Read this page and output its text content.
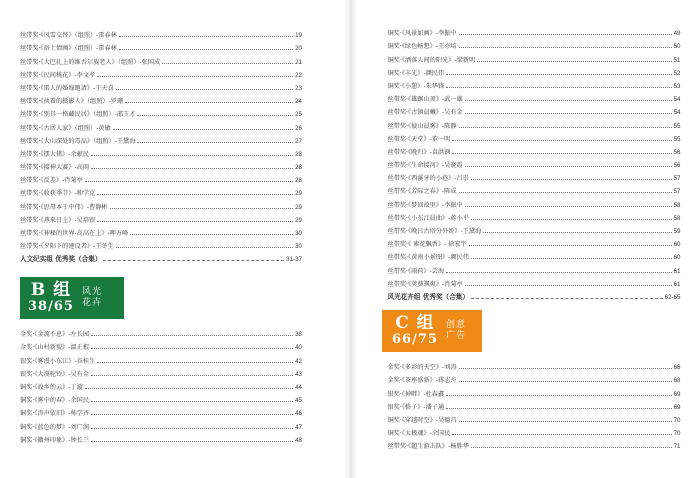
丝带奖·《风雪交替》（组照）-雷春林	19
丝带奖·《珞土情画》（组照）-雷春林	20
丝带奖·《大巴扎上的维吾尔族老人》（组照）-张国成	21
丝带奖·《民间桃花》-李文孝	22
丝带奖·《雷人的婚嫁邀请》-王天喜	23
丝带奖·《执着的摄影人》（组照）-罗珊	24
丝带奖·《别具一格藏民居》（组照）-邵玉才	25
丝带奖·《古居人家》（组照）-黄敏	26
丝带奖·《大山深处的毒品》（组照）-王黛海	27
丝带奖·《摆大猪》-余献民	28
丝带奖·《接神大赛》-高雨	28
丝带奖·《反差》-肖菊亭	28
丝带奖·《收获季节》-帅学克	29
丝带奖·《思母本于中伟》-曹静彬	29
丝带奖·《燕来日上》-吴培银	29
丝带奖·《神秘的世界-高高在上》-呷方峰	30
丝带奖·《夕阳下的建设者》-王冬生	30
人文纪实组 优秀奖（合集）	31-37
B 组
38/65
风光
花卉
金奖·《金流不息》-左长园	38
金奖·《山村新貌》-溫正根	40
银奖·《雾漫小东江》-谷桂生	42
银奖·《大漠驼铃》-吴有金	43
铜奖·《故乡的云》-丁漩	44
铜奖·《雾中的春》-余国民	45
铜奖·《涛声依旧》-帅学齐	46
铜奖·《蓝色的梦》-刘广润	47
铜奖·《徽州印象》-钟长兰	48
铜奖·《风景如画》-李振中	49
铜奖·《绿色畅想》-王亦培	50
铜奖·《洒落人间的阳光》-梁新明	51
铜奖·《丰光》-颜民伟	52
铜奖·《小憩》-朱华锋	53
丝带奖·《雄踞山顶》-武一雄	54
丝带奖·《古镇晨曦》-吴有金	54
丝带奖·《彼山晨雾》-陈静	55
丝带奖·《天堂》-董一明	55
丝带奖·《晚归》-袁洪钢	56
丝带奖·《生命接河》-吴晓霞	56
丝带奖·《西溪牙的小巷》-吕崇	57
丝带奖·《芳际之春》-陈成	57
丝带奖·《梦回故里》-李振中	58
丝带奖·《小东江晨曲》-蒋小平	58
丝带奖·《晚日古塔分外娇》-王黛海	59
丝带奖·《 素花飘香》- 徐宏宇	60
丝带奖·《黄南小景图》-颜民伟	60
丝带奖·《雨荷》-芸海	61
丝带奖·《荚葵飒爽》-肖菊亭	61
风光花卉组 优秀奖（合集）	62-65
金奖·《多彩的天空》-刘涛	66
金奖·《茶座盛新》-蒋志舟	68
银奖·《神畔》-杜春鑫	69
银奖·《格子》-潘子通	69
铜奖·《穿越时空》-吴德昌	70
铜奖·《太极魂》-余国民	70
丝带奖·《超生游击队》-杨胜华	71
C 组
66/75
创意
广告
